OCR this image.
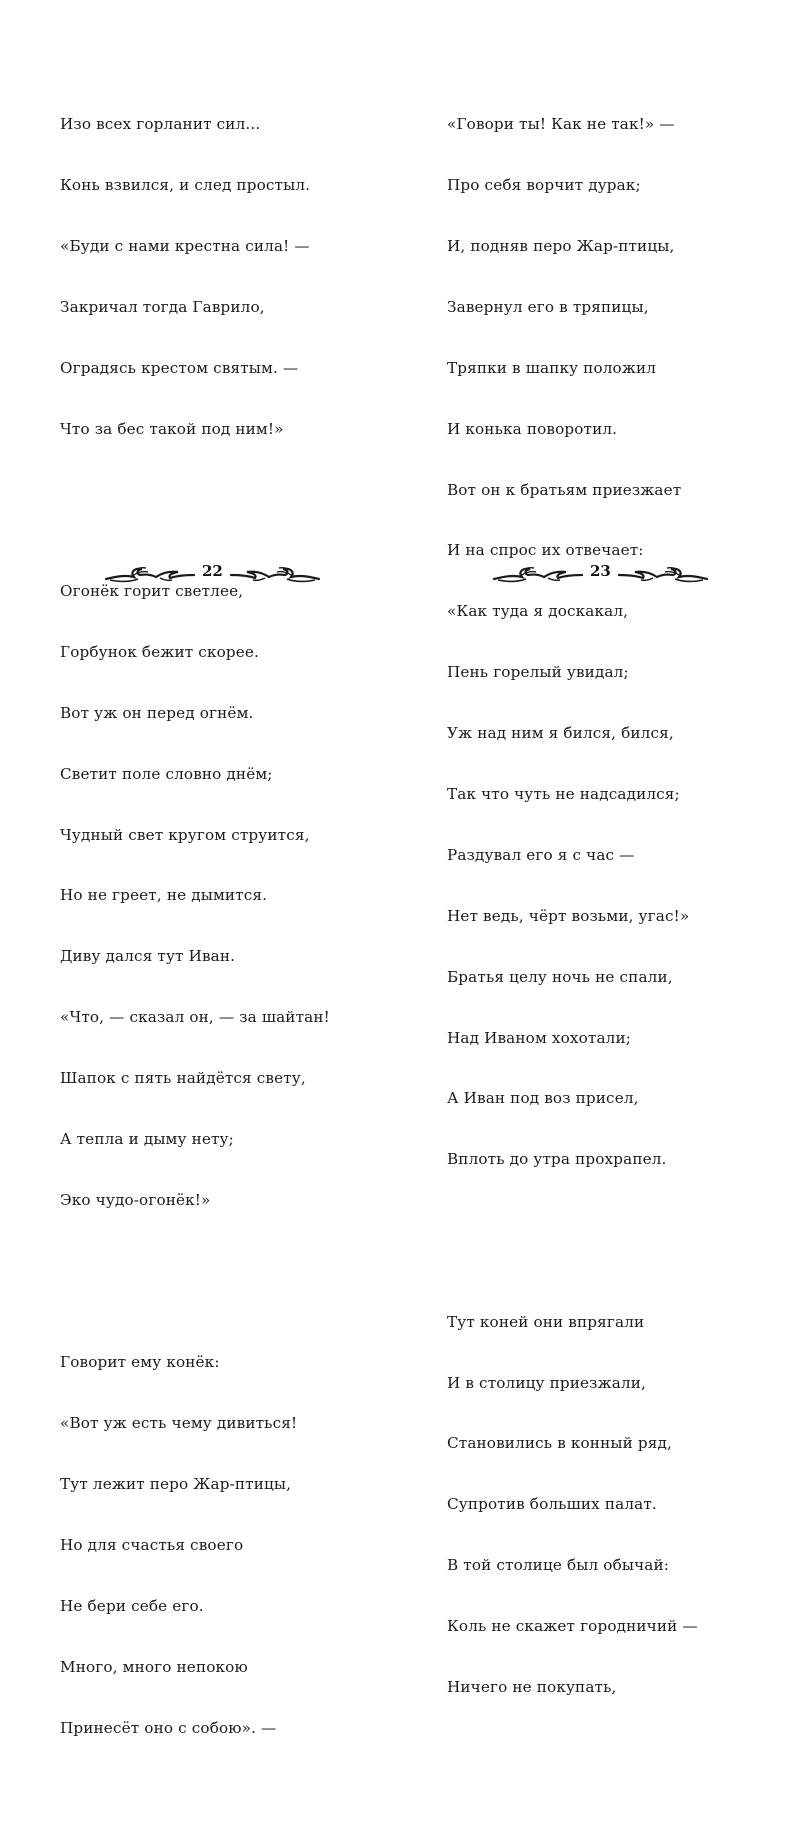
Изо всех горланит сил...

Конь взвился, и след простыл.

«Буди с нами крестна сила! —

Закричал тогда Гаврило,

Оградясь крестом святым. —

Что за бес такой под ним!»

Огонёк горит светлее,

Горбунок бежит скорее.

Вот уж он перед огнём.

Светит поле словно днём;

Чудный свет кругом струится,

Но не греет, не дымится.

Диву дался тут Иван.

«Что, — сказал он, — за шайтан!

Шапок с пять найдётся свету,

А тепла и дыму нету;

Эко чудо-огонёк!»

Говорит ему конёк:

«Вот уж есть чему дивиться!

Тут лежит перо Жар-птицы,

Но для счастья своего

Не бери себе его.

Много, много непокою

Принесёт оно с собою». —

22

«Говори ты! Как не так!» —

Про себя ворчит дурак;

И, подняв перо Жар-птицы,

Завернул его в тряпицы,

Тряпки в шапку положил

И конька поворотил.

Вот он к братьям приезжает

И на спрос их отвечает:

«Как туда я доскакал,

Пень горелый увидал;

Уж над ним я бился, бился,

Так что чуть не надсадился;

Раздувал его я с час —

Нет ведь, чёрт возьми, угас!»

Братья целу ночь не спали,

Над Иваном хохотали;

А Иван под воз присел,

Вплоть до утра прохрапел.

Тут коней они впрягали

И в столицу приезжали,

Становились в конный ряд,

Супротив больших палат.

В той столице был обычай:

Коль не скажет городничий —

Ничего не покупать,

23
